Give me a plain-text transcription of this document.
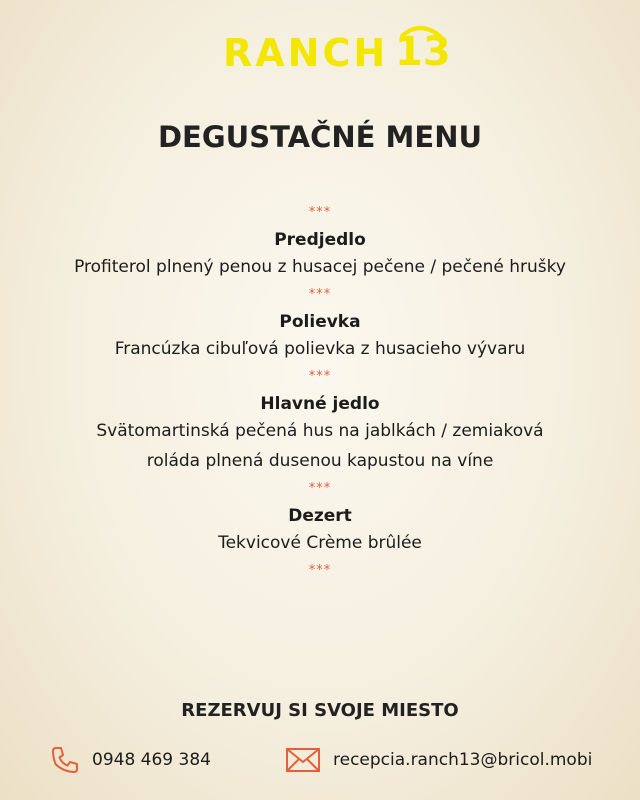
RANCH 13
DEGUSTAČNÉ MENU
***
Predjedlo
Profiterol plnený penou z husacej pečene / pečené hrušky
***
Polievka
Francúzka cibuľová polievka z husacieho vývaru
***
Hlavné jedlo
Svätomartinská pečená hus na jablkách / zemiaková
roláda plnená dusenou kapustou na víne
***
Dezert
Tekvicové Crème brûlée
***
REZERVUJ SI SVOJE MIESTO
0948 469 384	recepcia.ranch13@bricol.mobi
